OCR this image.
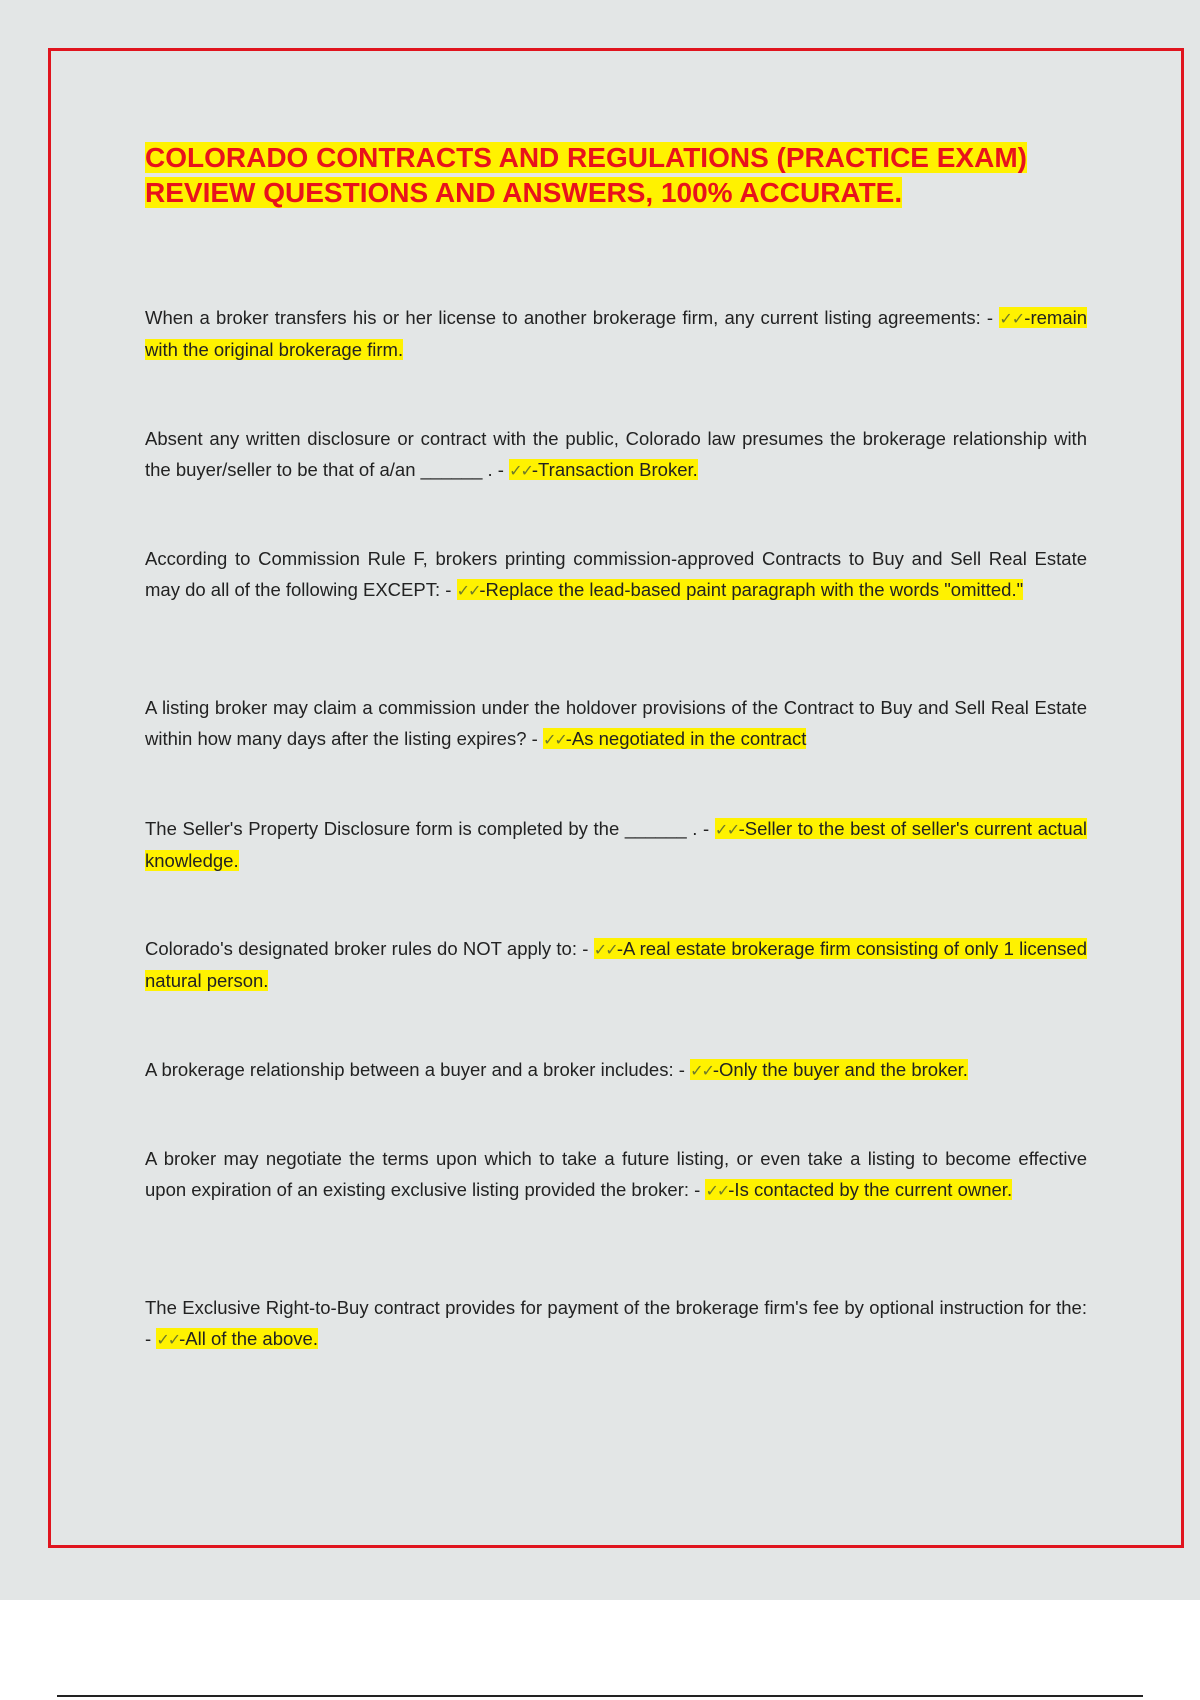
COLORADO CONTRACTS AND REGULATIONS (PRACTICE EXAM)
REVIEW QUESTIONS AND ANSWERS, 100% ACCURATE.

When a broker transfers his or her license to another brokerage firm, any current listing agreements: - ✓✓-remain with the original brokerage firm.

Absent any written disclosure or contract with the public, Colorado law presumes the brokerage relationship with the buyer/seller to be that of a/an ______ . - ✓✓-Transaction Broker.

According to Commission Rule F, brokers printing commission-approved Contracts to Buy and Sell Real Estate may do all of the following EXCEPT: - ✓✓-Replace the lead-based paint paragraph with the words "omitted."

A listing broker may claim a commission under the holdover provisions of the Contract to Buy and Sell Real Estate within how many days after the listing expires? - ✓✓-As negotiated in the contract

The Seller's Property Disclosure form is completed by the ______ . - ✓✓-Seller to the best of seller's current actual knowledge.

Colorado's designated broker rules do NOT apply to: - ✓✓-A real estate brokerage firm consisting of only 1 licensed natural person.

A brokerage relationship between a buyer and a broker includes: - ✓✓-Only the buyer and the broker.

A broker may negotiate the terms upon which to take a future listing, or even take a listing to become effective upon expiration of an existing exclusive listing provided the broker: - ✓✓-Is contacted by the current owner.

The Exclusive Right-to-Buy contract provides for payment of the brokerage firm's fee by optional instruction for the: - ✓✓-All of the above.
